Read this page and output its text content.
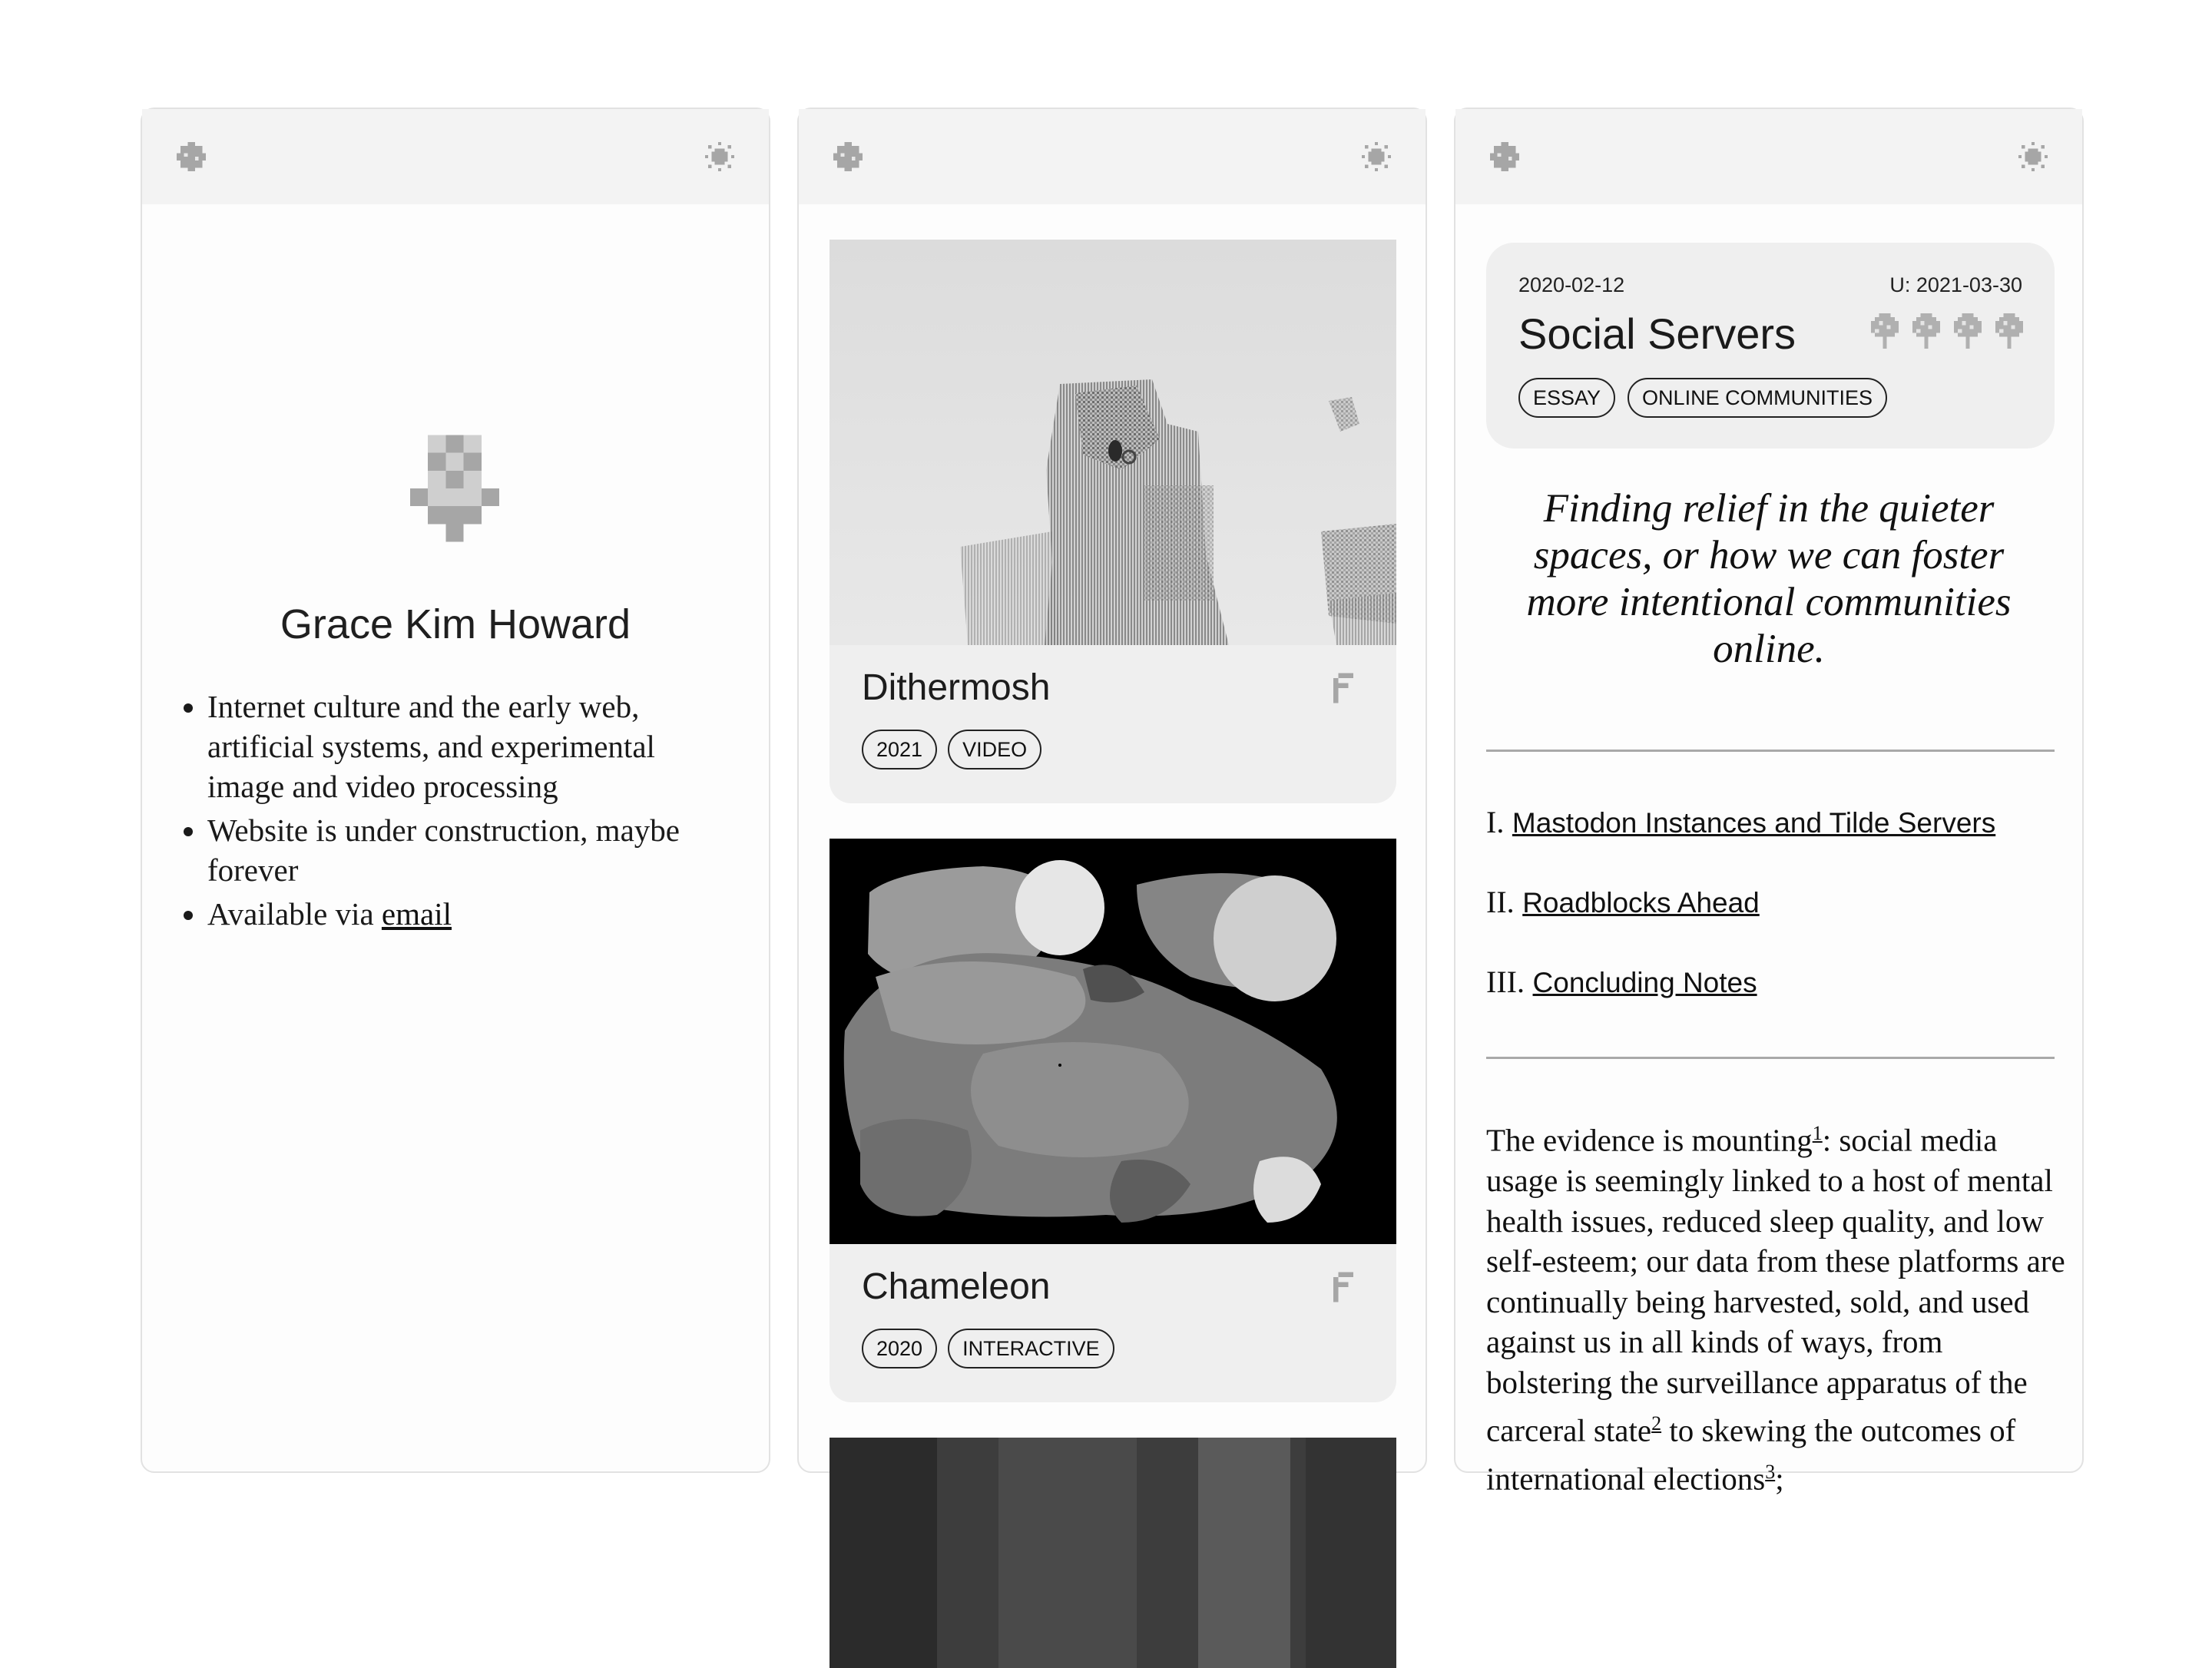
Grace Kim Howard
• Internet culture and the early web, artificial systems, and experimental image and video processing
• Website is under construction, maybe forever
• Available via email
Dithermosh
2021	VIDEO
Chameleon
2020	INTERACTIVE
2020-02-12	U: 2021-03-30
Social Servers
ESSAY	ONLINE COMMUNITIES

Finding relief in the quieter spaces, or how we can foster more intentional communities online.

I. Mastodon Instances and Tilde Servers
II. Roadblocks Ahead
III. Concluding Notes

The evidence is mounting$^1$: social media usage is seemingly linked to a host of mental health issues, reduced sleep quality, and low self-esteem; our data from these platforms are continually being harvested, sold, and used against us in all kinds of ways, from bolstering the surveillance apparatus of the carceral state$^2$ to skewing the outcomes of international elections$^3$;
